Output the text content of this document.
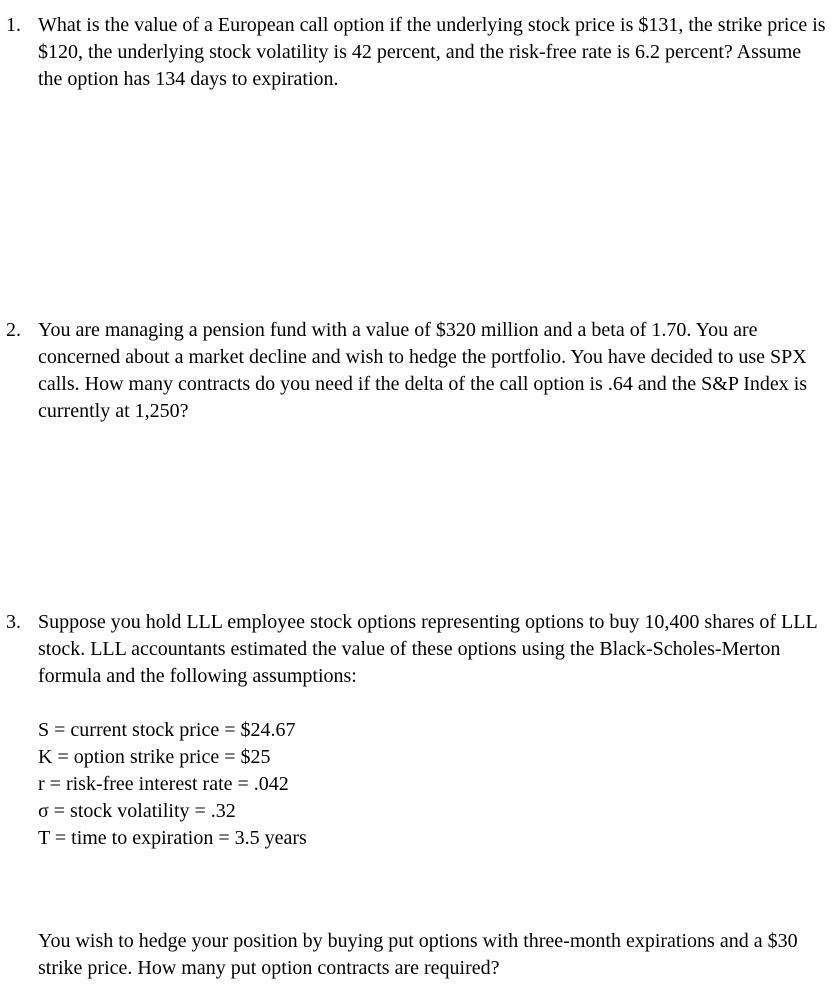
1. What is the value of a European call option if the underlying stock price is $131, the strike price is $120, the underlying stock volatility is 42 percent, and the risk-free rate is 6.2 percent? Assume the option has 134 days to expiration.

2. You are managing a pension fund with a value of $320 million and a beta of 1.70. You are concerned about a market decline and wish to hedge the portfolio. You have decided to use SPX calls. How many contracts do you need if the delta of the call option is .64 and the S&P Index is currently at 1,250?

3. Suppose you hold LLL employee stock options representing options to buy 10,400 shares of LLL stock. LLL accountants estimated the value of these options using the Black-Scholes-Merton formula and the following assumptions:

S = current stock price = $24.67
K = option strike price = $25
r = risk-free interest rate = .042
σ = stock volatility = .32
T = time to expiration = 3.5 years

You wish to hedge your position by buying put options with three-month expirations and a $30 strike price. How many put option contracts are required?
